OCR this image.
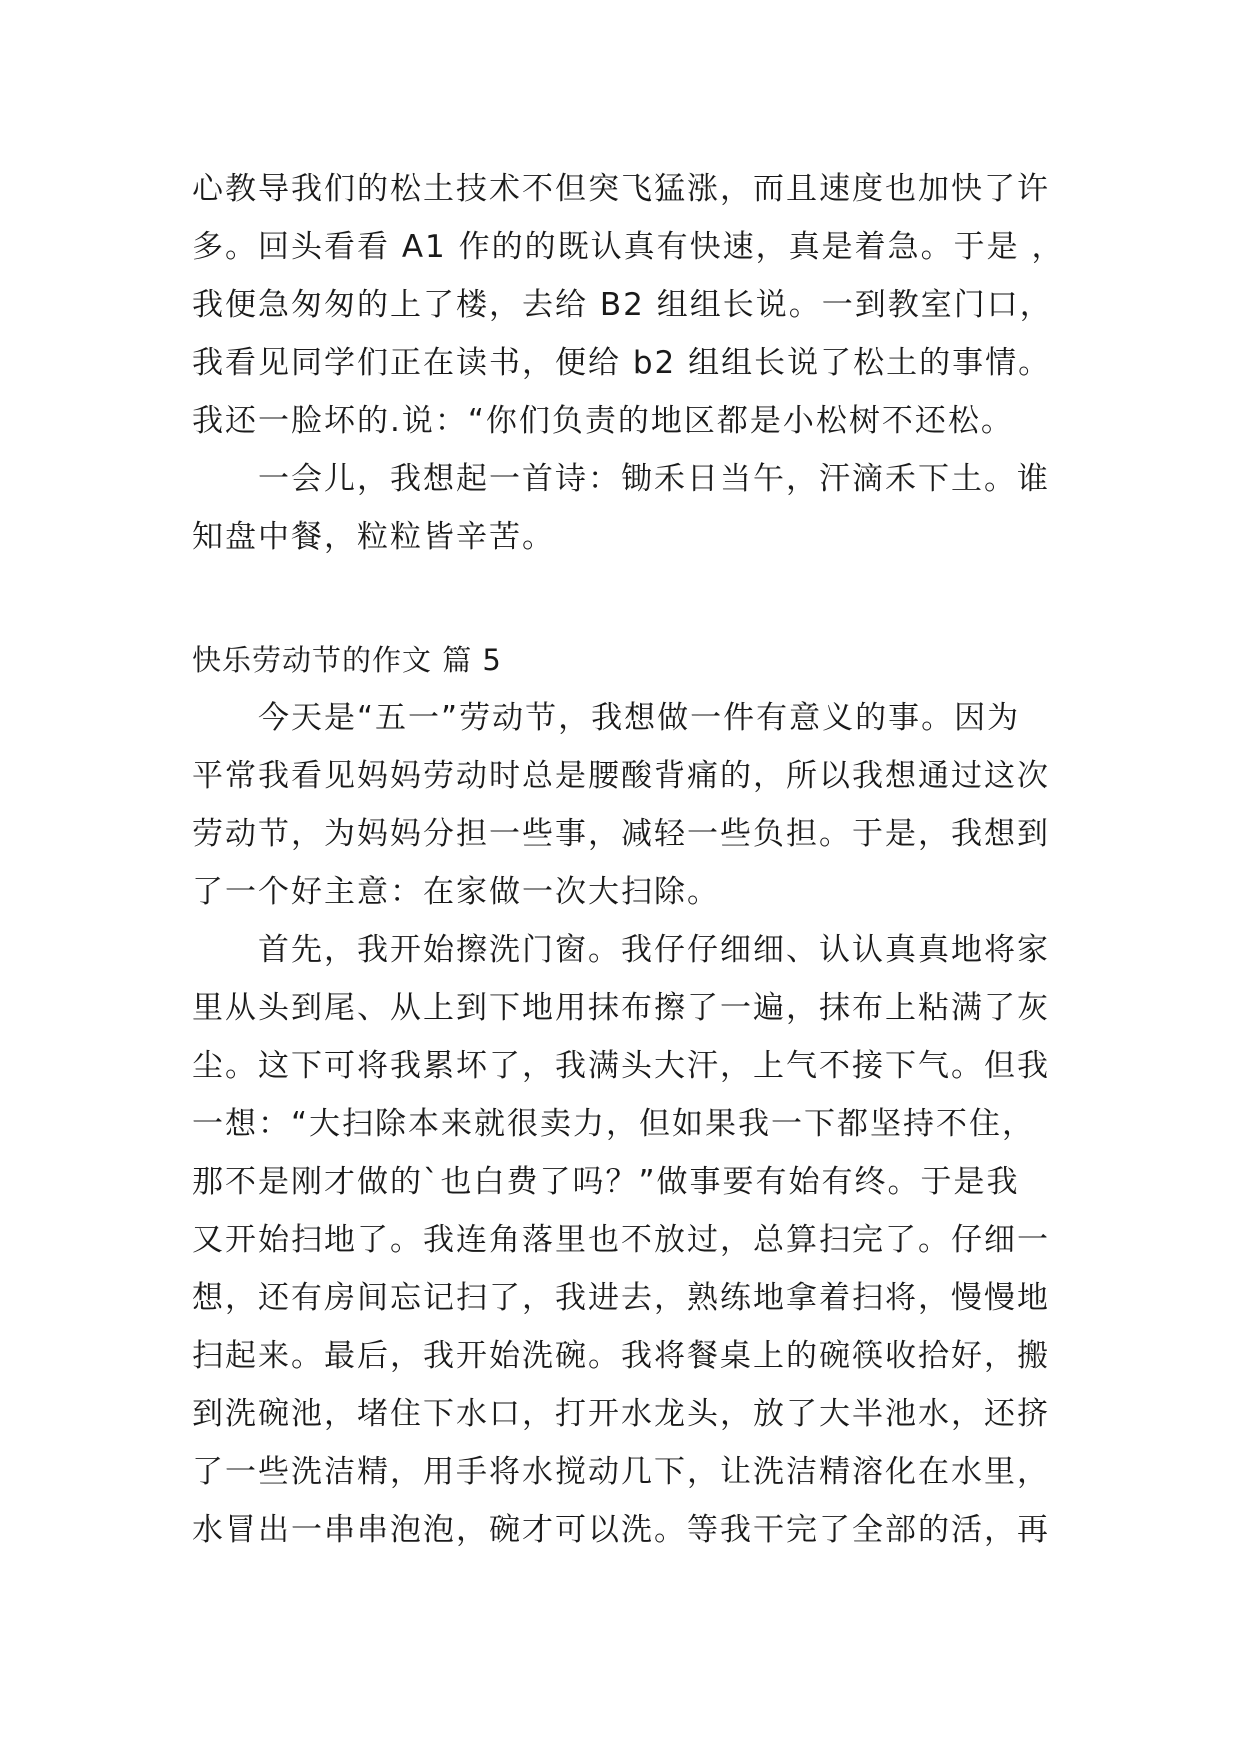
心教导我们的松土技术不但突飞猛涨，而且速度也加快了许
多。回头看看 A1 作的的既认真有快速，真是着急。于是 ，
我便急匆匆的上了楼，去给 B2 组组长说。一到教室门口，
我看见同学们正在读书，便给 b2 组组长说了松土的事情。
我还一脸坏的.说：“你们负责的地区都是小松树不还松。
一会儿，我想起一首诗：锄禾日当午，汗滴禾下土。谁
知盘中餐，粒粒皆辛苦。
快乐劳动节的作文 篇 5
今天是“五一”劳动节，我想做一件有意义的事。因为
平常我看见妈妈劳动时总是腰酸背痛的，所以我想通过这次
劳动节，为妈妈分担一些事，减轻一些负担。于是，我想到
了一个好主意：在家做一次大扫除。
首先，我开始擦洗门窗。我仔仔细细、认认真真地将家
里从头到尾、从上到下地用抹布擦了一遍，抹布上粘满了灰
尘。这下可将我累坏了，我满头大汗，上气不接下气。但我
一想：“大扫除本来就很卖力，但如果我一下都坚持不住，
那不是刚才做的`也白费了吗？”做事要有始有终。于是我
又开始扫地了。我连角落里也不放过，总算扫完了。仔细一
想，还有房间忘记扫了，我进去，熟练地拿着扫将，慢慢地
扫起来。最后，我开始洗碗。我将餐桌上的碗筷收拾好，搬
到洗碗池，堵住下水口，打开水龙头，放了大半池水，还挤
了一些洗洁精，用手将水搅动几下，让洗洁精溶化在水里，
水冒出一串串泡泡，碗才可以洗。等我干完了全部的活，再
